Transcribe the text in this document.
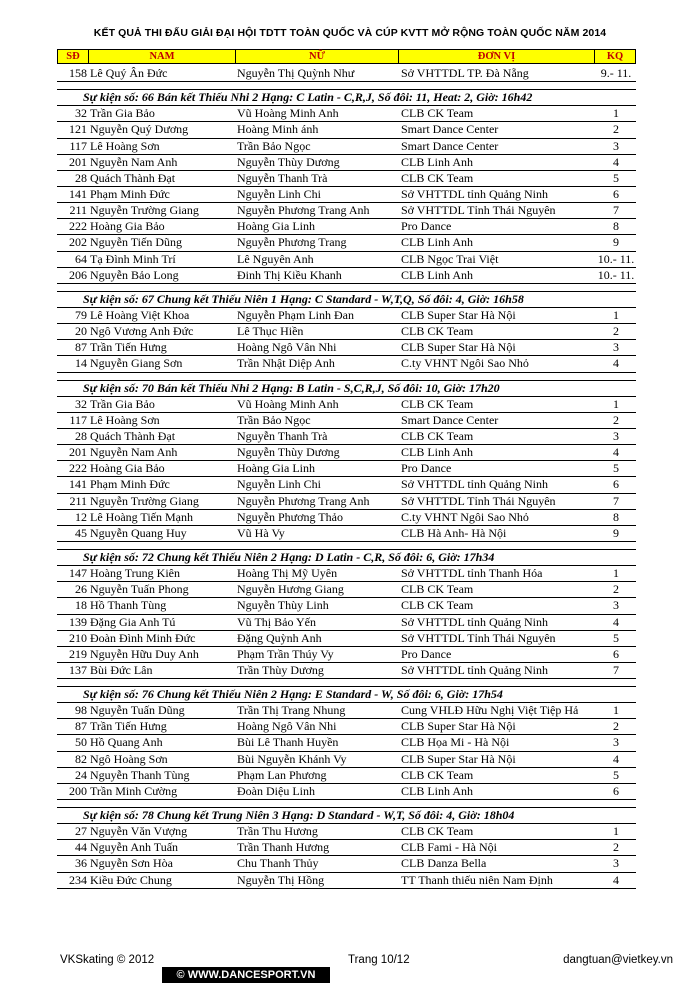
KẾT QUẢ THI ĐẤU GIẢI ĐẠI HỘI TDTT TOÀN QUỐC VÀ CÚP KVTT MỞ RỘNG TOÀN QUỐC NĂM 2014
SĐ	NAM	NỮ	ĐƠN VỊ	KQ
158 Lê Quý Ân Đức	Nguyễn Thị Quỳnh Như	Sở VHTTDL TP. Đà Nẵng	9.- 11.
Sự kiện số: 66 Bán kết Thiếu Nhi 2 Hạng: C Latin - C,R,J, Số đôi: 11, Heat: 2, Giờ: 16h42
32 Trần Gia Bảo	Vũ Hoàng Minh Anh	CLB CK Team	1
121 Nguyễn Quý Dương	Hoàng Minh ánh	Smart Dance Center	2
117 Lê Hoàng Sơn	Trần Bảo Ngọc	Smart Dance Center	3
201 Nguyễn Nam Anh	Nguyễn Thùy Dương	CLB Linh Anh	4
28 Quách Thành Đạt	Nguyễn Thanh Trà	CLB CK Team	5
141 Phạm Minh Đức	Nguyễn Linh Chi	Sở VHTTDL tỉnh Quảng Ninh	6
211 Nguyễn Trường Giang	Nguyễn Phương Trang Anh	Sở VHTTDL Tỉnh Thái Nguyên	7
222 Hoàng Gia Bảo	Hoàng Gia Linh	Pro Dance	8
202 Nguyễn Tiến Dũng	Nguyễn Phương Trang	CLB Linh Anh	9
64 Tạ Đình Minh Trí	Lê Nguyên Anh	CLB Ngọc Trai Việt	10.- 11.
206 Nguyễn Bảo Long	Đinh Thị Kiều Khanh	CLB Linh Anh	10.- 11.
Sự kiện số: 67 Chung kết Thiếu Niên 1 Hạng: C Standard - W,T,Q, Số đôi: 4, Giờ: 16h58
79 Lê Hoàng Việt Khoa	Nguyễn Phạm Linh Đan	CLB Super Star Hà Nội	1
20 Ngô Vương Anh Đức	Lê Thục Hiền	CLB CK Team	2
87 Trần Tiến Hưng	Hoàng Ngô Vân Nhi	CLB Super Star Hà Nội	3
14 Nguyễn Giang Sơn	Trần Nhật Diệp Anh	C.ty VHNT Ngôi Sao Nhỏ	4
Sự kiện số: 70 Bán kết Thiếu Nhi 2 Hạng: B Latin - S,C,R,J, Số đôi: 10, Giờ: 17h20
32 Trần Gia Bảo	Vũ Hoàng Minh Anh	CLB CK Team	1
117 Lê Hoàng Sơn	Trần Bảo Ngọc	Smart Dance Center	2
28 Quách Thành Đạt	Nguyễn Thanh Trà	CLB CK Team	3
201 Nguyễn Nam Anh	Nguyễn Thùy Dương	CLB Linh Anh	4
222 Hoàng Gia Bảo	Hoàng Gia Linh	Pro Dance	5
141 Phạm Minh Đức	Nguyễn Linh Chi	Sở VHTTDL tỉnh Quảng Ninh	6
211 Nguyễn Trường Giang	Nguyễn Phương Trang Anh	Sở VHTTDL Tỉnh Thái Nguyên	7
12 Lê Hoàng Tiến Mạnh	Nguyễn Phương Thảo	C.ty VHNT Ngôi Sao Nhỏ	8
45 Nguyễn Quang Huy	Vũ Hà Vy	CLB Hà Anh- Hà Nội	9
Sự kiện số: 72 Chung kết Thiếu Niên 2 Hạng: D Latin - C,R, Số đôi: 6, Giờ: 17h34
147 Hoàng Trung Kiên	Hoàng Thị Mỹ Uyên	Sở VHTTDL tỉnh Thanh Hóa	1
26 Nguyễn Tuấn Phong	Nguyễn Hương Giang	CLB CK Team	2
18 Hồ Thanh Tùng	Nguyễn Thùy Linh	CLB CK Team	3
139 Đặng Gia Anh Tú	Vũ Thị Bảo Yến	Sở VHTTDL tỉnh Quảng Ninh	4
210 Đoàn Đình Minh Đức	Đặng Quỳnh Anh	Sở VHTTDL Tỉnh Thái Nguyên	5
219 Nguyễn Hữu Duy Anh	Phạm Trần Thúy Vy	Pro Dance	6
137 Bùi Đức Lân	Trần Thùy Dương	Sở VHTTDL tỉnh Quảng Ninh	7
Sự kiện số: 76 Chung kết Thiếu Niên 2 Hạng: E Standard - W, Số đôi: 6, Giờ: 17h54
98 Nguyễn Tuấn Dũng	Trần Thị Trang Nhung	Cung VHLĐ Hữu Nghị Việt Tiệp Hả	1
87 Trần Tiến Hưng	Hoàng Ngô Vân Nhi	CLB Super Star Hà Nội	2
50 Hồ Quang Anh	Bùi Lê Thanh Huyền	CLB Họa Mi - Hà Nội	3
82 Ngô Hoàng Sơn	Bùi Nguyễn Khánh Vy	CLB Super Star Hà Nội	4
24 Nguyễn Thanh Tùng	Phạm Lan Phương	CLB CK Team	5
200 Trần Minh Cường	Đoàn Diệu Linh	CLB Linh Anh	6
Sự kiện số: 78 Chung kết Trung Niên 3 Hạng: D Standard - W,T, Số đôi: 4, Giờ: 18h04
27 Nguyễn Văn Vượng	Trần Thu Hương	CLB CK Team	1
44 Nguyễn Anh Tuấn	Trần Thanh Hương	CLB Fami - Hà Nội	2
36 Nguyễn Sơn Hòa	Chu Thanh Thủy	CLB Danza Bella	3
234 Kiều Đức Chung	Nguyễn Thị Hồng	TT Thanh thiếu niên Nam Định	4
VKSkating © 2012	Trang 10/12	dangtuan@vietkey.vn
© WWW.DANCESPORT.VN
